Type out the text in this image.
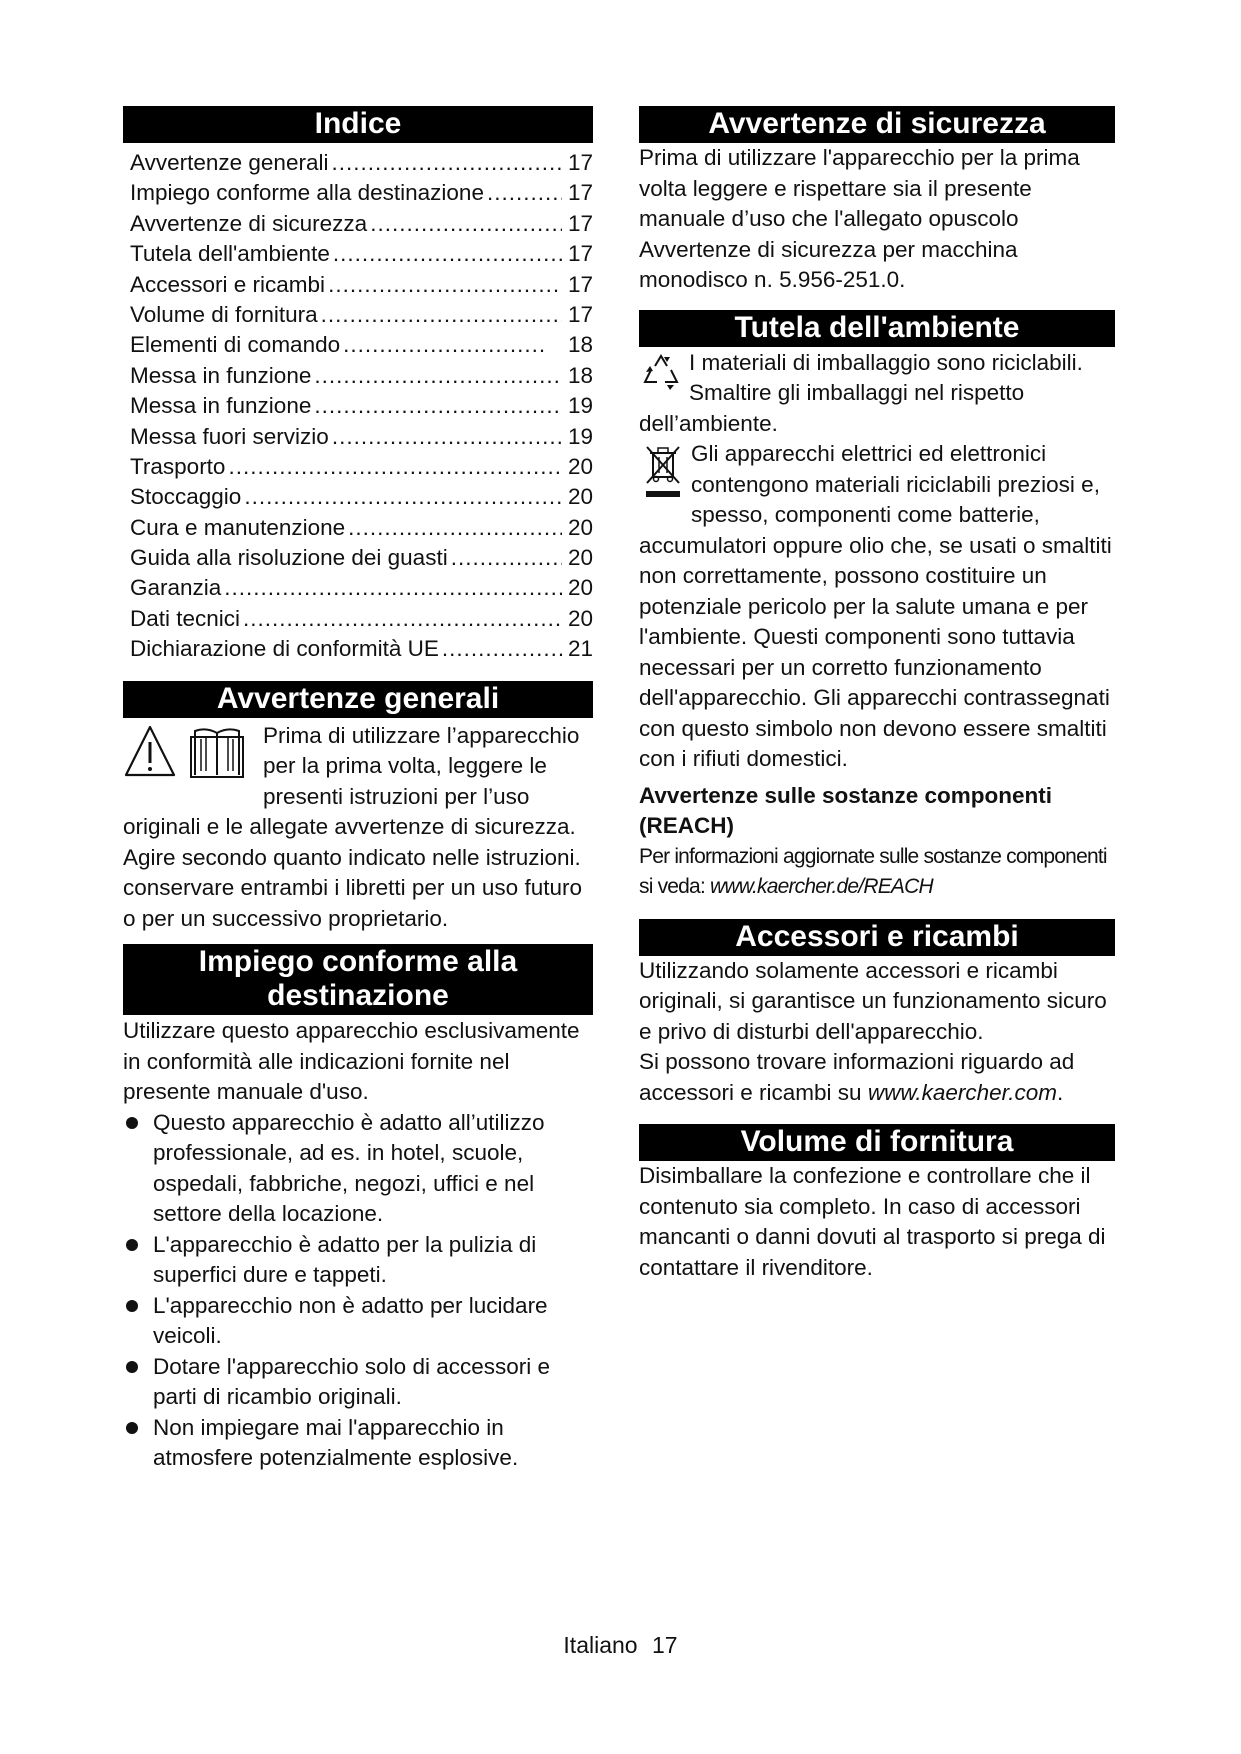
Indice
Avvertenze generali .....	17
Impiego conforme alla destinazione .....	17
Avvertenze di sicurezza .....	17
Tutela dell'ambiente .....	17
Accessori e ricambi .....	17
Volume di fornitura .....	17
Elementi di comando .....	18
Messa in funzione .....	18
Messa in funzione .....	19
Messa fuori servizio .....	19
Trasporto .....	20
Stoccaggio .....	20
Cura e manutenzione .....	20
Guida alla risoluzione dei guasti .....	20
Garanzia .....	20
Dati tecnici .....	20
Dichiarazione di conformità UE .....	21
Avvertenze generali

Prima di utilizzare l’apparecchio per la prima volta, leggere le presenti istruzioni per l’uso originali e le allegate avvertenze di sicurezza. Agire secondo quanto indicato nelle istruzioni. conservare entrambi i libretti per un uso futuro o per un successivo proprietario.

Impiego conforme alla destinazione

Utilizzare questo apparecchio esclusivamente in conformità alle indicazioni fornite nel presente manuale d'uso.

Questo apparecchio è adatto all’utilizzo professionale, ad es. in hotel, scuole, ospedali, fabbriche, negozi, uffici e nel settore della locazione.
L'apparecchio è adatto per la pulizia di superfici dure e tappeti.
L'apparecchio non è adatto per lucidare veicoli.
Dotare l'apparecchio solo di accessori e parti di ricambio originali.
Non impiegare mai l'apparecchio in atmosfere potenzialmente esplosive.
Avvertenze di sicurezza

Prima di utilizzare l'apparecchio per la prima volta leggere e rispettare sia il presente manuale d’uso che l'allegato opuscolo Avvertenze di sicurezza per macchina monodisco n. 5.956-251.0.

Tutela dell'ambiente

I materiali di imballaggio sono riciclabili. Smaltire gli imballaggi nel rispetto dell’ambiente.

Gli apparecchi elettrici ed elettronici contengono materiali riciclabili preziosi e, spesso, componenti come batterie, accumulatori oppure olio che, se usati o smaltiti non correttamente, possono costituire un potenziale pericolo per la salute umana e per l'ambiente. Questi componenti sono tuttavia necessari per un corretto funzionamento dell'apparecchio. Gli apparecchi contrassegnati con questo simbolo non devono essere smaltiti con i rifiuti domestici.

Avvertenze sulle sostanze componenti (REACH)

Per informazioni aggiornate sulle sostanze componenti si veda: www.kaercher.de/REACH

Accessori e ricambi

Utilizzando solamente accessori e ricambi originali, si garantisce un funzionamento sicuro e privo di disturbi dell'apparecchio.

Si possono trovare informazioni riguardo ad accessori e ricambi su www.kaercher.com.

Volume di fornitura

Disimballare la confezione e controllare che il contenuto sia completo. In caso di accessori mancanti o danni dovuti al trasporto si prega di contattare il rivenditore.

Italiano 17
